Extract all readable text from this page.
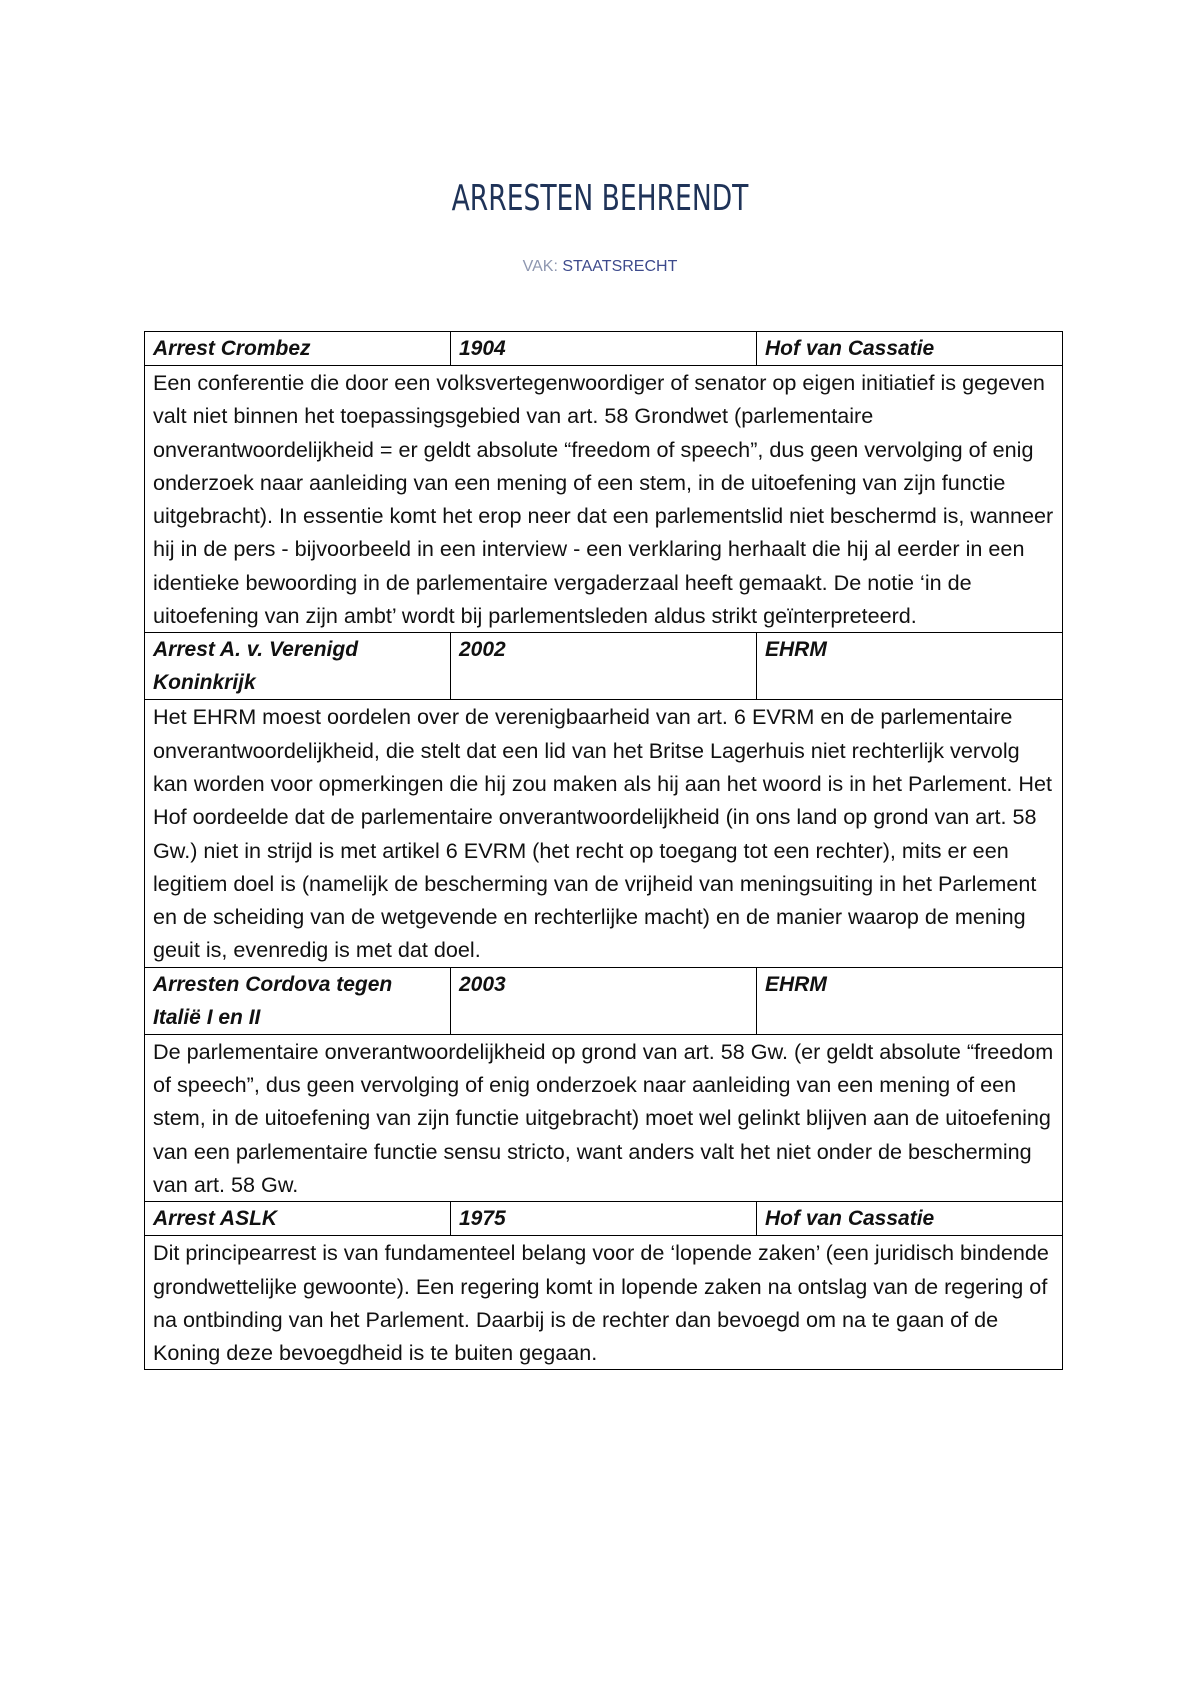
ARRESTEN BEHRENDT
VAK: STAATSRECHT
Arrest Crombez	1904	Hof van Cassatie
Een conferentie die door een volksvertegenwoordiger of senator op eigen initiatief is gegeven valt niet binnen het toepassingsgebied van art. 58 Grondwet (parlementaire onverantwoordelijkheid = er geldt absolute “freedom of speech”, dus geen vervolging of enig onderzoek naar aanleiding van een mening of een stem, in de uitoefening van zijn functie uitgebracht). In essentie komt het erop neer dat een parlementslid niet beschermd is, wanneer hij in de pers - bijvoorbeeld in een interview - een verklaring herhaalt die hij al eerder in een identieke bewoording in de parlementaire vergaderzaal heeft gemaakt. De notie ‘in de uitoefening van zijn ambt’ wordt bij parlementsleden aldus strikt geïnterpreteerd.		
Arrest A. v. Verenigd Koninkrijk	2002	EHRM
Het EHRM moest oordelen over de verenigbaarheid van art. 6 EVRM en de parlementaire onverantwoordelijkheid, die stelt dat een lid van het Britse Lagerhuis niet rechterlijk vervolg kan worden voor opmerkingen die hij zou maken als hij aan het woord is in het Parlement. Het Hof oordeelde dat de parlementaire onverantwoordelijkheid (in ons land op grond van art. 58 Gw.) niet in strijd is met artikel 6 EVRM (het recht op toegang tot een rechter), mits er een legitiem doel is (namelijk de bescherming van de vrijheid van meningsuiting in het Parlement en de scheiding van de wetgevende en rechterlijke macht) en de manier waarop de mening geuit is, evenredig is met dat doel.		
Arresten Cordova tegen Italië I en II	2003	EHRM
De parlementaire onverantwoordelijkheid op grond van art. 58 Gw. (er geldt absolute “freedom of speech”, dus geen vervolging of enig onderzoek naar aanleiding van een mening of een stem, in de uitoefening van zijn functie uitgebracht) moet wel gelinkt blijven aan de uitoefening van een parlementaire functie sensu stricto, want anders valt het niet onder de bescherming van art. 58 Gw.		
Arrest ASLK	1975	Hof van Cassatie
Dit principearrest is van fundamenteel belang voor de ‘lopende zaken’ (een juridisch bindende grondwettelijke gewoonte). Een regering komt in lopende zaken na ontslag van de regering of na ontbinding van het Parlement. Daarbij is de rechter dan bevoegd om na te gaan of de Koning deze bevoegdheid is te buiten gegaan.		
